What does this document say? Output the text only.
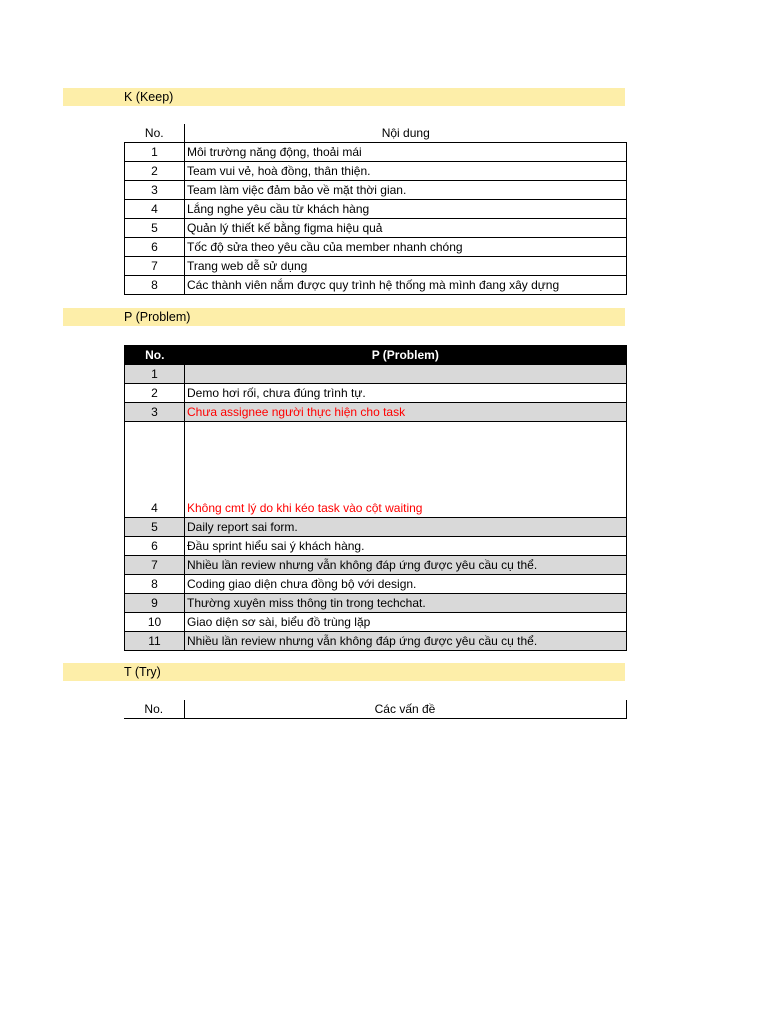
K (Keep)
No.	Nội dung
1	Môi trường năng động, thoải mái
2	Team vui vẻ, hoà đồng, thân thiện.
3	Team làm việc đảm bảo về mặt thời gian.
4	Lắng nghe yêu cầu từ khách hàng
5	Quản lý thiết kế bằng figma hiệu quả
6	Tốc độ sửa theo yêu cầu của member nhanh chóng
7	Trang web dễ sử dụng
8	Các thành viên nắm được quy trình hệ thống mà mình đang xây dựng
P (Problem)
No.	P (Problem)
1	
2	Demo hơi rối, chưa đúng trình tự.
3	Chưa assignee người thực hiện cho task
4	Không cmt lý do khi kéo task vào cột waiting
5	Daily report sai form.
6	Đầu sprint hiểu sai ý khách hàng.
7	Nhiều lần review nhưng vẫn không đáp ứng được yêu cầu cụ thể.
8	Coding giao diện chưa đồng bộ với design.
9	Thường xuyên miss thông tin trong techchat.
10	Giao diện sơ sài, biểu đồ trùng lặp
11	Nhiều lần review nhưng vẫn không đáp ứng được yêu cầu cụ thể.
T (Try)
No.	Các vấn đề
